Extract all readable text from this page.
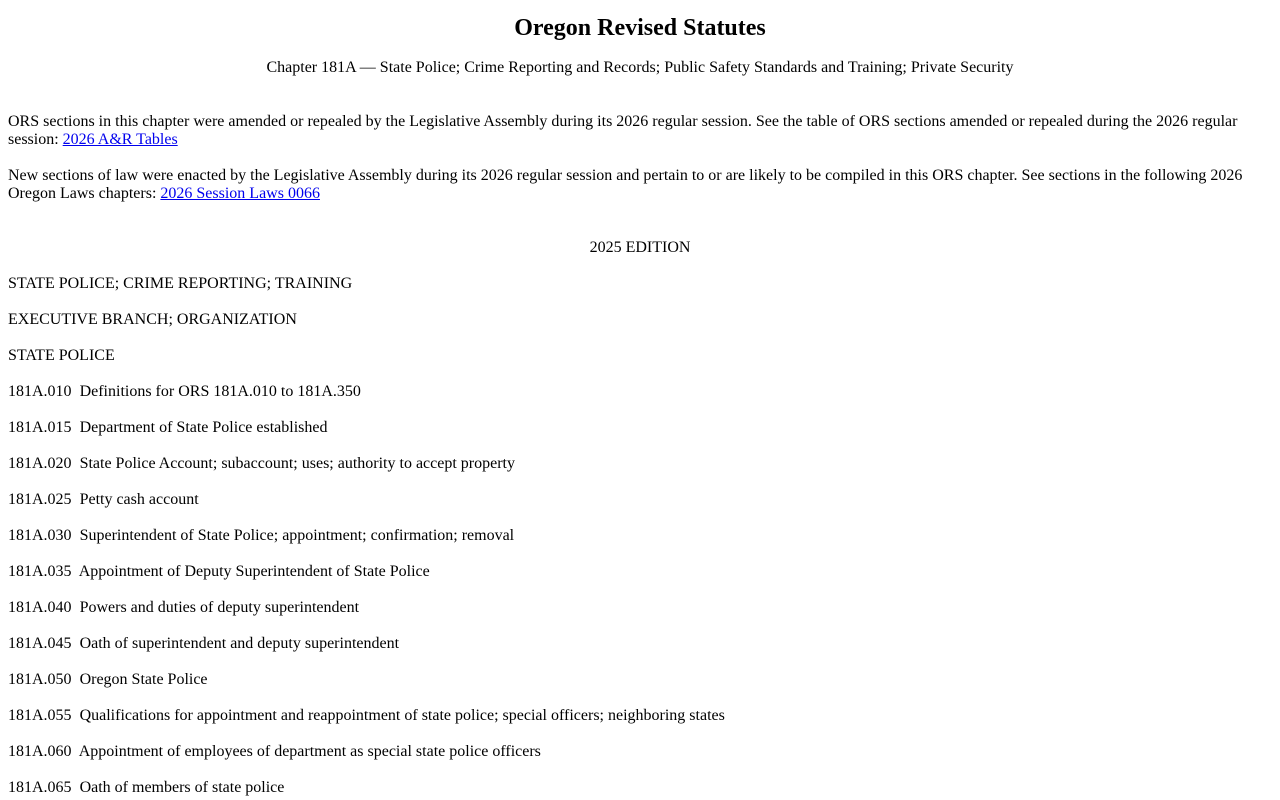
Oregon Revised Statutes

Chapter 181A — State Police; Crime Reporting and Records; Public Safety Standards and Training; Private Security

ORS sections in this chapter were amended or repealed by the Legislative Assembly during its 2026 regular session. See the table of ORS sections amended or repealed during the 2026 regular session: 2026 A&R Tables

New sections of law were enacted by the Legislative Assembly during its 2026 regular session and pertain to or are likely to be compiled in this ORS chapter. See sections in the following 2026 Oregon Laws chapters: 2026 Session Laws 0066

2025 EDITION

STATE POLICE; CRIME REPORTING; TRAINING

EXECUTIVE BRANCH; ORGANIZATION

STATE POLICE

181A.010 Definitions for ORS 181A.010 to 181A.350

181A.015 Department of State Police established

181A.020 State Police Account; subaccount; uses; authority to accept property

181A.025 Petty cash account

181A.030 Superintendent of State Police; appointment; confirmation; removal

181A.035 Appointment of Deputy Superintendent of State Police

181A.040 Powers and duties of deputy superintendent

181A.045 Oath of superintendent and deputy superintendent

181A.050 Oregon State Police

181A.055 Qualifications for appointment and reappointment of state police; special officers; neighboring states

181A.060 Appointment of employees of department as special state police officers

181A.065 Oath of members of state police
